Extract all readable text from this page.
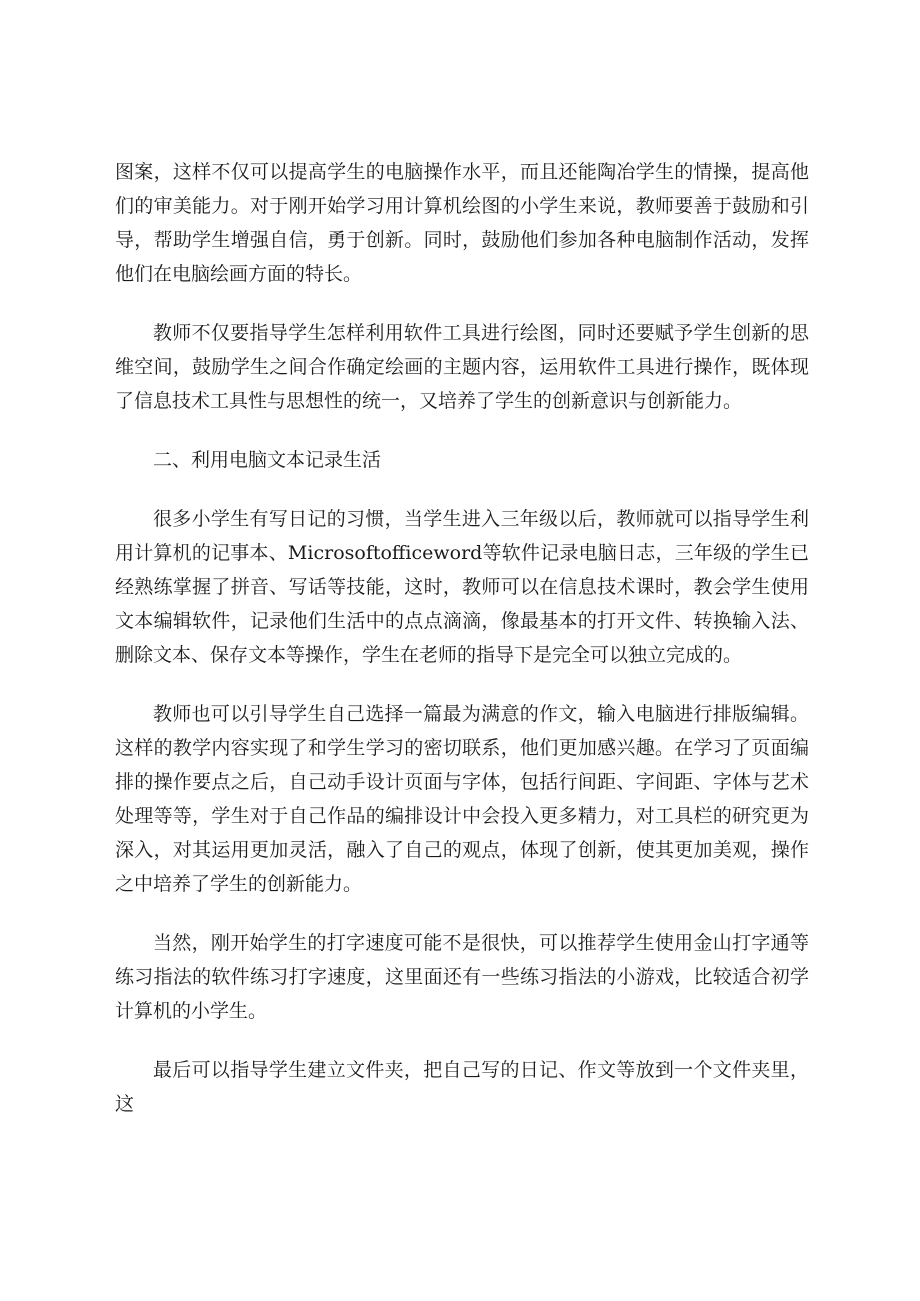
图案，这样不仅可以提高学生的电脑操作水平，而且还能陶冶学生的情操，提高他们的审美能力。对于刚开始学习用计算机绘图的小学生来说，教师要善于鼓励和引导，帮助学生增强自信，勇于创新。同时，鼓励他们参加各种电脑制作活动，发挥他们在电脑绘画方面的特长。

教师不仅要指导学生怎样利用软件工具进行绘图，同时还要赋予学生创新的思维空间，鼓励学生之间合作确定绘画的主题内容，运用软件工具进行操作，既体现了信息技术工具性与思想性的统一，又培养了学生的创新意识与创新能力。

二、利用电脑文本记录生活

很多小学生有写日记的习惯，当学生进入三年级以后，教师就可以指导学生利用计算机的记事本、Microsoftofficeword等软件记录电脑日志，三年级的学生已经熟练掌握了拼音、写话等技能，这时，教师可以在信息技术课时，教会学生使用文本编辑软件，记录他们生活中的点点滴滴，像最基本的打开文件、转换输入法、删除文本、保存文本等操作，学生在老师的指导下是完全可以独立完成的。

教师也可以引导学生自己选择一篇最为满意的作文，输入电脑进行排版编辑。这样的教学内容实现了和学生学习的密切联系，他们更加感兴趣。在学习了页面编排的操作要点之后，自己动手设计页面与字体，包括行间距、字间距、字体与艺术处理等等，学生对于自己作品的编排设计中会投入更多精力，对工具栏的研究更为深入，对其运用更加灵活，融入了自己的观点，体现了创新，使其更加美观，操作之中培养了学生的创新能力。

当然，刚开始学生的打字速度可能不是很快，可以推荐学生使用金山打字通等练习指法的软件练习打字速度，这里面还有一些练习指法的小游戏，比较适合初学计算机的小学生。

最后可以指导学生建立文件夹，把自己写的日记、作文等放到一个文件夹里，这
